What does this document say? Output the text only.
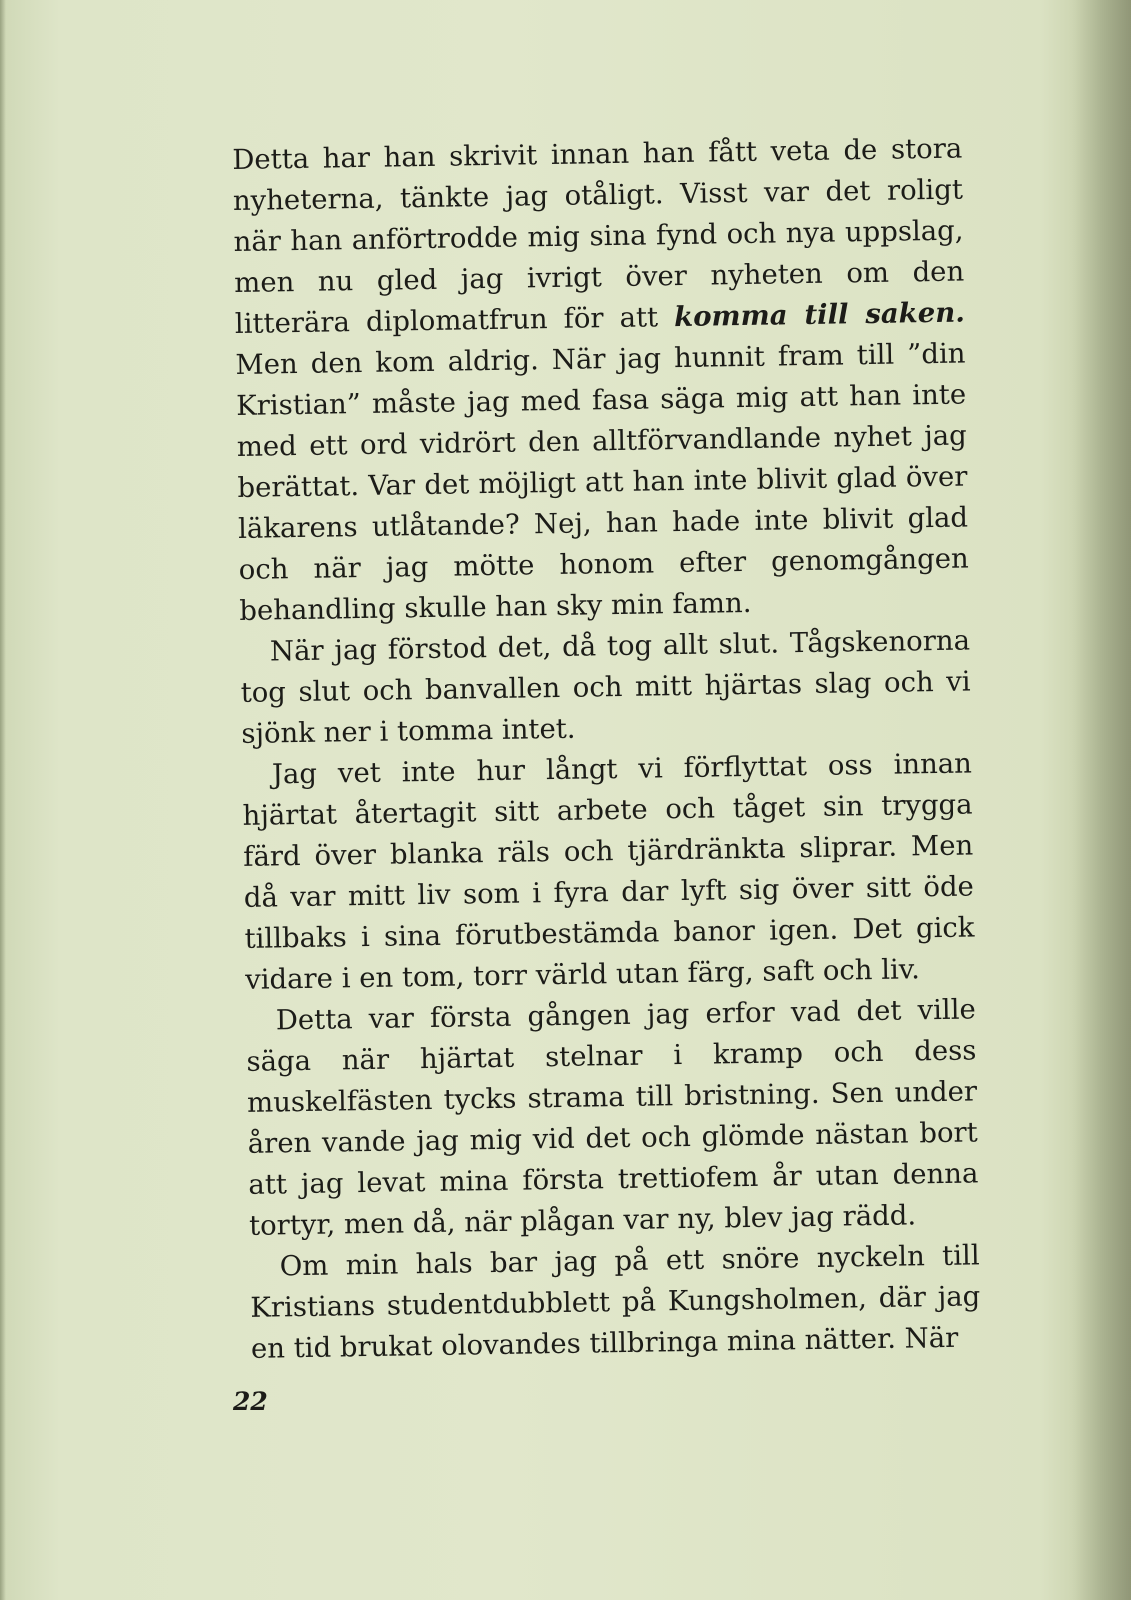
Detta har han skrivit innan han fått veta de stora nyheterna, tänkte jag otåligt. Visst var det roligt när han anförtrodde mig sina fynd och nya uppslag, men nu gled jag ivrigt över nyheten om den litterära diplomatfrun för att komma till saken. Men den kom aldrig. När jag hunnit fram till ”din Kristian” måste jag med fasa säga mig att han inte med ett ord vidrört den alltförvandlande nyhet jag berättat. Var det möjligt att han inte blivit glad över läkarens utlåtande? Nej, han hade inte blivit glad och när jag mötte honom efter genomgången behandling skulle han sky min famn.

När jag förstod det, då tog allt slut. Tågskenorna tog slut och banvallen och mitt hjärtas slag och vi sjönk ner i tomma intet.

Jag vet inte hur långt vi förflyttat oss innan hjärtat återtagit sitt arbete och tåget sin trygga färd över blanka räls och tjärdränkta sliprar. Men då var mitt liv som i fyra dar lyft sig över sitt öde tillbaks i sina förutbestämda banor igen. Det gick vidare i en tom, torr värld utan färg, saft och liv.

Detta var första gången jag erfor vad det ville säga när hjärtat stelnar i kramp och dess muskelfästen tycks strama till bristning. Sen under åren vande jag mig vid det och glömde nästan bort att jag levat mina första trettiofem år utan denna tortyr, men då, när plågan var ny, blev jag rädd.

Om min hals bar jag på ett snöre nyckeln till Kristians studentdubblett på Kungsholmen, där jag en tid brukat olovandes tillbringa mina nätter. När

22
